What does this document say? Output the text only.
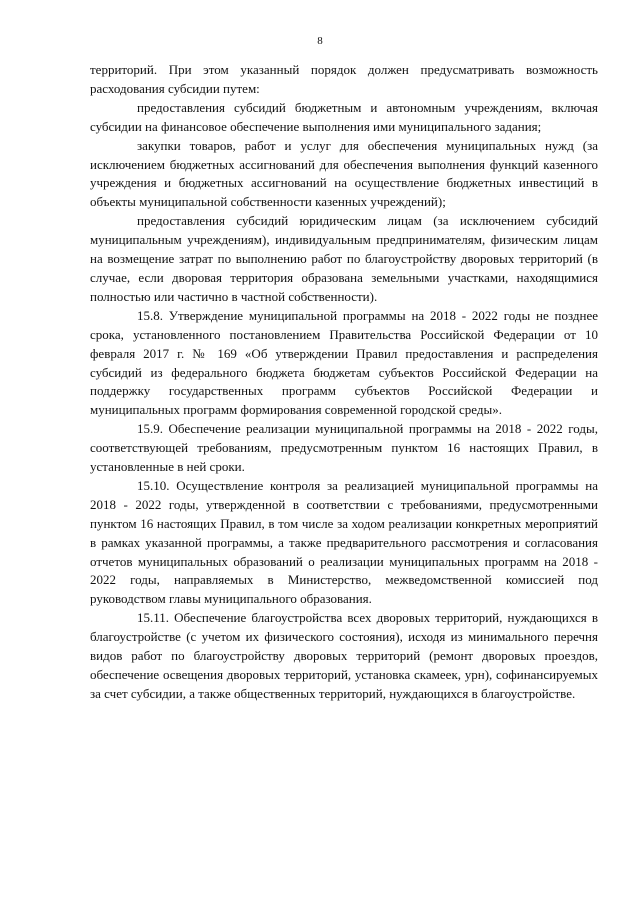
8

территорий. При этом указанный порядок должен предусматривать возможность расходования субсидии путем:

предоставления субсидий бюджетным и автономным учреждениям, включая субсидии на финансовое обеспечение выполнения ими муниципального задания;

закупки товаров, работ и услуг для обеспечения муниципальных нужд (за исключением бюджетных ассигнований для обеспечения выполнения функций казенного учреждения и бюджетных ассигнований на осуществление бюджетных инвестиций в объекты муниципальной собственности казенных учреждений);

предоставления субсидий юридическим лицам (за исключением субсидий муниципальным учреждениям), индивидуальным предпринимателям, физическим лицам на возмещение затрат по выполнению работ по благоустройству дворовых территорий (в случае, если дворовая территория образована земельными участками, находящимися полностью или частично в частной собственности).

15.8. Утверждение муниципальной программы на 2018 - 2022 годы не позднее срока, установленного постановлением Правительства Российской Федерации от 10 февраля 2017 г. № 169 «Об утверждении Правил предоставления и распределения субсидий из федерального бюджета бюджетам субъектов Российской Федерации на поддержку государственных программ субъектов Российской Федерации и муниципальных программ формирования современной городской среды».

15.9. Обеспечение реализации муниципальной программы на 2018 - 2022 годы, соответствующей требованиям, предусмотренным пунктом 16 настоящих Правил, в установленные в ней сроки.

15.10. Осуществление контроля за реализацией муниципальной программы на 2018 - 2022 годы, утвержденной в соответствии с требованиями, предусмотренными пунктом 16 настоящих Правил, в том числе за ходом реализации конкретных мероприятий в рамках указанной программы, а также предварительного рассмотрения и согласования отчетов муниципальных образований о реализации муниципальных программ на 2018 - 2022 годы, направляемых в Министерство, межведомственной комиссией под руководством главы муниципального образования.

15.11. Обеспечение благоустройства всех дворовых территорий, нуждающихся в благоустройстве (с учетом их физического состояния), исходя из минимального перечня видов работ по благоустройству дворовых территорий (ремонт дворовых проездов, обеспечение освещения дворовых территорий, установка скамеек, урн), софинансируемых за счет субсидии, а также общественных территорий, нуждающихся в благоустройстве.
